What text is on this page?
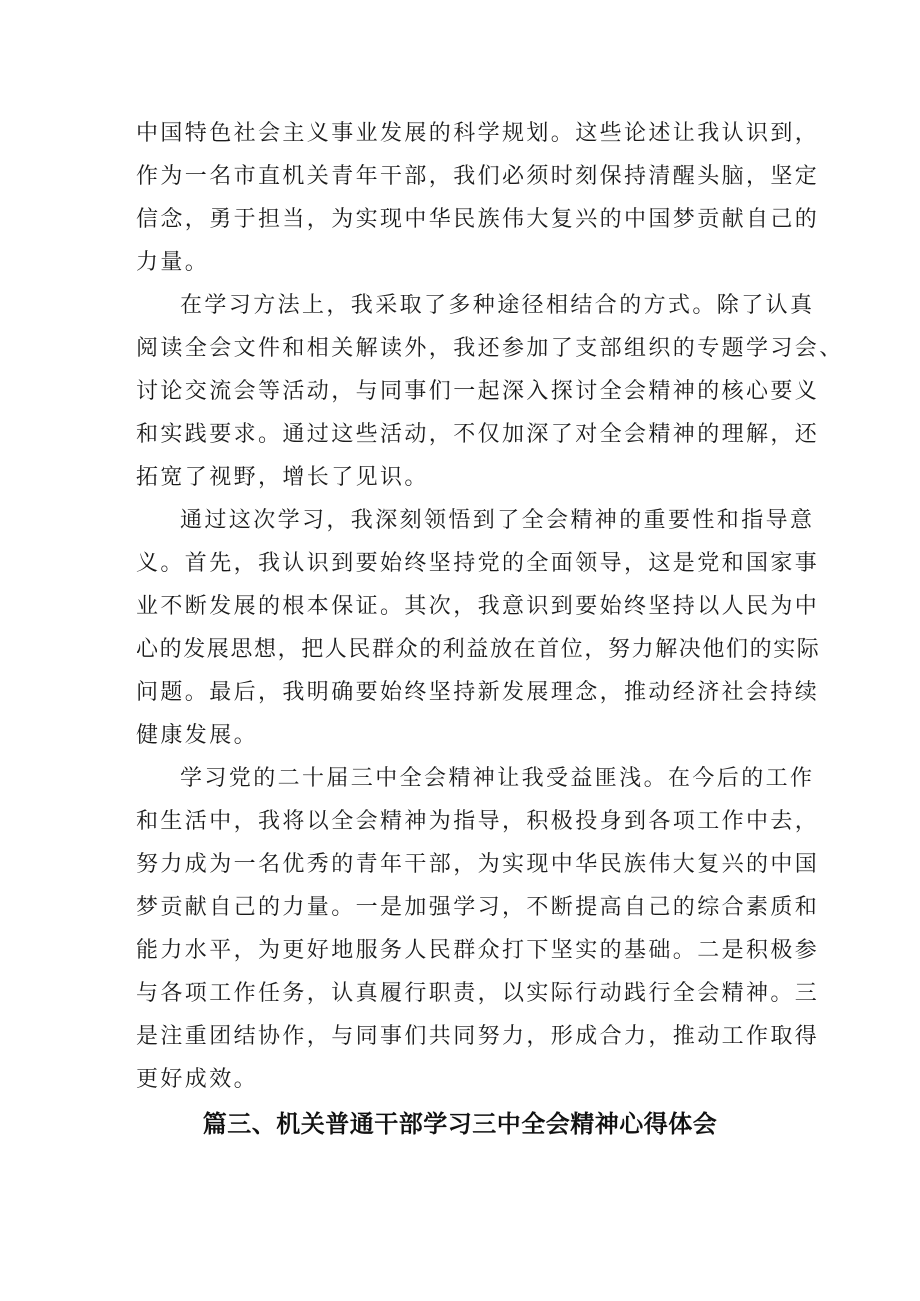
中国特色社会主义事业发展的科学规划。这些论述让我认识到，
作为一名市直机关青年干部，我们必须时刻保持清醒头脑，坚定
信念，勇于担当，为实现中华民族伟大复兴的中国梦贡献自己的
力量。
在学习方法上，我采取了多种途径相结合的方式。除了认真
阅读全会文件和相关解读外，我还参加了支部组织的专题学习会、
讨论交流会等活动，与同事们一起深入探讨全会精神的核心要义
和实践要求。通过这些活动，不仅加深了对全会精神的理解，还
拓宽了视野，增长了见识。
通过这次学习，我深刻领悟到了全会精神的重要性和指导意
义。首先，我认识到要始终坚持党的全面领导，这是党和国家事
业不断发展的根本保证。其次，我意识到要始终坚持以人民为中
心的发展思想，把人民群众的利益放在首位，努力解决他们的实际
问题。最后，我明确要始终坚持新发展理念，推动经济社会持续
健康发展。
学习党的二十届三中全会精神让我受益匪浅。在今后的工作
和生活中，我将以全会精神为指导，积极投身到各项工作中去，
努力成为一名优秀的青年干部，为实现中华民族伟大复兴的中国
梦贡献自己的力量。一是加强学习，不断提高自己的综合素质和
能力水平，为更好地服务人民群众打下坚实的基础。二是积极参
与各项工作任务，认真履行职责，以实际行动践行全会精神。三
是注重团结协作，与同事们共同努力，形成合力，推动工作取得
更好成效。
篇三、机关普通干部学习三中全会精神心得体会
